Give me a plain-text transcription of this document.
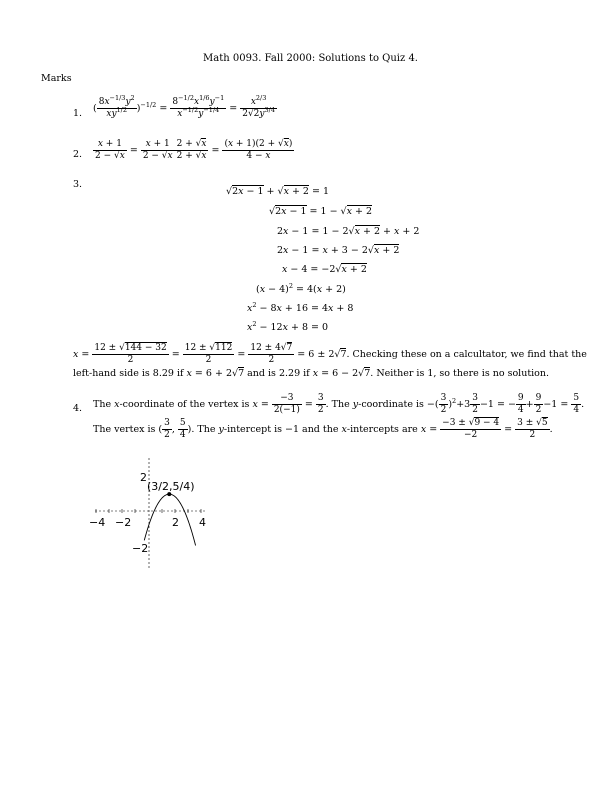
Math 0093. Fall 2000: Solutions to Quiz 4.
Marks
1. ( $\frac{8x^{-1/3}y^2}{xy^{1/2}} )^{-1/2} = \frac{8^{-1/2}x^{1/6}y^{-1}}{x^{-1/2}y^{-1/4}} = \frac{x^{2/3}}{2√2y^{3/4}}$
2. $\frac{x + 1}{2 - √x} = \frac{x + 1}{2 - √x} \frac{2 + √x}{2 + √x} = \frac{(x + 1)(2 + √x)}{4 - x}$
3.
√2x − 1 + √x + 2 = 1
√2x − 1 = 1 − √x + 2
2x − 1 = 1 − 2√x + 2 + x + 2
2x − 1 = x + 3 − 2√x + 2
x − 4 = −2√x + 2
$(x - 4)^2 = 4(x + 2)$
$x^2 - 8x + 16 = 4x + 8$
$x^2 - 12x + 8 = 0$
$x = \frac{12 \pm √144 - 32}{2} = \frac{12 \pm √112}{2} = \frac{12 \pm 4√7}{2} = 6 \pm 2√7$. Checking these on a calcultator, we find that the
left-hand side is 8.29 if x = 6 + 2√7 and is 2.29 if x = 6 − 2√7. Neither is 1, so there is no solution.
4. The x-coordinate of the vertex is $x = \frac{-3}{2(-1)} = \frac{3}{2}$ . The y-coordinate is −( $\frac{3}{2} )^2+3 \frac{3}{2} -1$ = − $\frac{9}{4} + \frac{9}{2} -1 = \frac{5}{4}$ .
The vertex is ( $\frac{3}{2}$ , $\frac{5}{4}$ ). The y-intercept is −1 and the x-intercepts are $x = \frac{-3 \pm √9 - 4}{-2} = \frac{3 \pm √5}{2}$ .
−4 −2	2 4
2
−2
(3/2,5/4)
